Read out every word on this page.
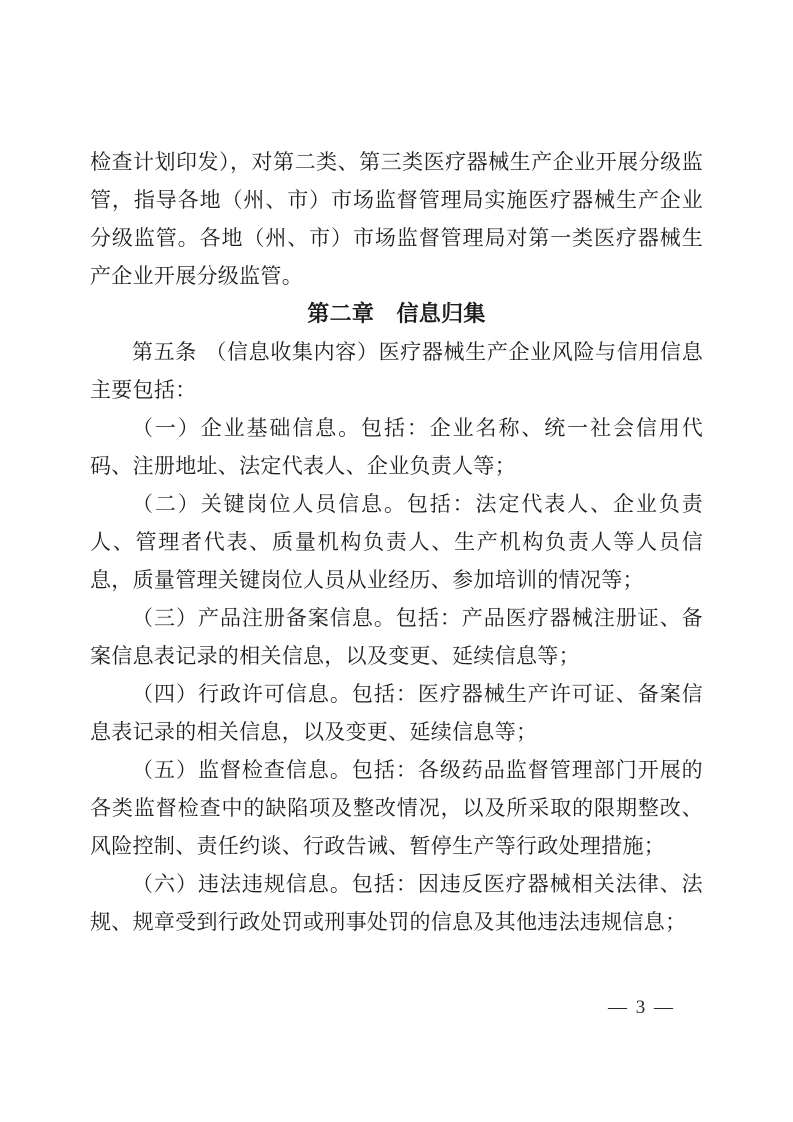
检查计划印发），对第二类、第三类医疗器械生产企业开展分级监管，指导各地（州、市）市场监督管理局实施医疗器械生产企业分级监管。各地（州、市）市场监督管理局对第一类医疗器械生产企业开展分级监管。

第二章　信息归集

第五条 （信息收集内容）医疗器械生产企业风险与信用信息主要包括：

（一）企业基础信息。包括：企业名称、统一社会信用代码、注册地址、法定代表人、企业负责人等；

（二）关键岗位人员信息。包括：法定代表人、企业负责人、管理者代表、质量机构负责人、生产机构负责人等人员信息，质量管理关键岗位人员从业经历、参加培训的情况等；

（三）产品注册备案信息。包括：产品医疗器械注册证、备案信息表记录的相关信息，以及变更、延续信息等；

（四）行政许可信息。包括：医疗器械生产许可证、备案信息表记录的相关信息，以及变更、延续信息等；

（五）监督检查信息。包括：各级药品监督管理部门开展的各类监督检查中的缺陷项及整改情况，以及所采取的限期整改、风险控制、责任约谈、行政告诫、暂停生产等行政处理措施；

（六）违法违规信息。包括：因违反医疗器械相关法律、法规、规章受到行政处罚或刑事处罚的信息及其他违法违规信息；

— 3 —
